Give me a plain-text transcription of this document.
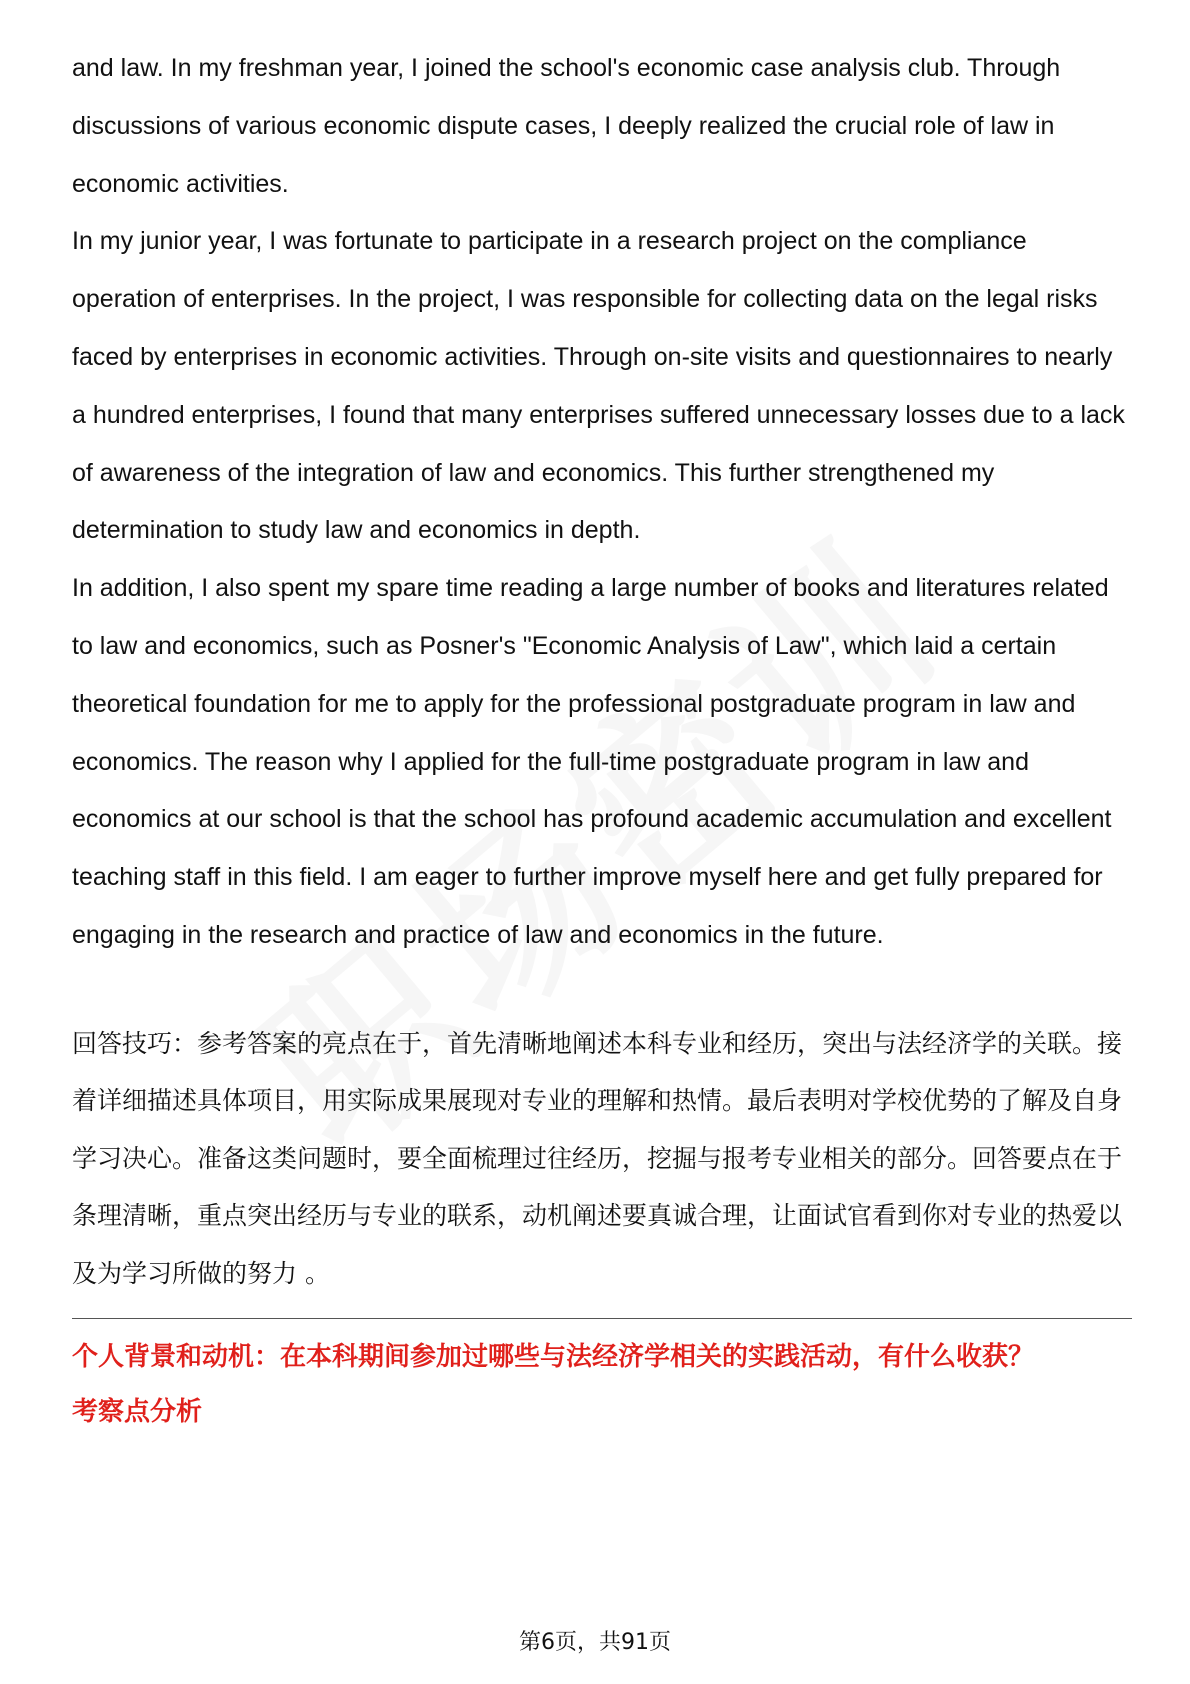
and law. In my freshman year, I joined the school's economic case analysis club. Through discussions of various economic dispute cases, I deeply realized the crucial role of law in economic activities.

In my junior year, I was fortunate to participate in a research project on the compliance operation of enterprises. In the project, I was responsible for collecting data on the legal risks faced by enterprises in economic activities. Through on-site visits and questionnaires to nearly a hundred enterprises, I found that many enterprises suffered unnecessary losses due to a lack of awareness of the integration of law and economics. This further strengthened my determination to study law and economics in depth.

In addition, I also spent my spare time reading a large number of books and literatures related to law and economics, such as Posner's "Economic Analysis of Law", which laid a certain theoretical foundation for me to apply for the professional postgraduate program in law and economics. The reason why I applied for the full-time postgraduate program in law and economics at our school is that the school has profound academic accumulation and excellent teaching staff in this field. I am eager to further improve myself here and get fully prepared for engaging in the research and practice of law and economics in the future.

回答技巧：参考答案的亮点在于，首先清晰地阐述本科专业和经历，突出与法经济学的关联。接着详细描述具体项目，用实际成果展现对专业的理解和热情。最后表明对学校优势的了解及自身学习决心。准备这类问题时，要全面梳理过往经历，挖掘与报考专业相关的部分。回答要点在于条理清晰，重点突出经历与专业的联系，动机阐述要真诚合理，让面试官看到你对专业的热爱以及为学习所做的努力 。

个人背景和动机：在本科期间参加过哪些与法经济学相关的实践活动，有什么收获？
考察点分析
第6页，共91页
